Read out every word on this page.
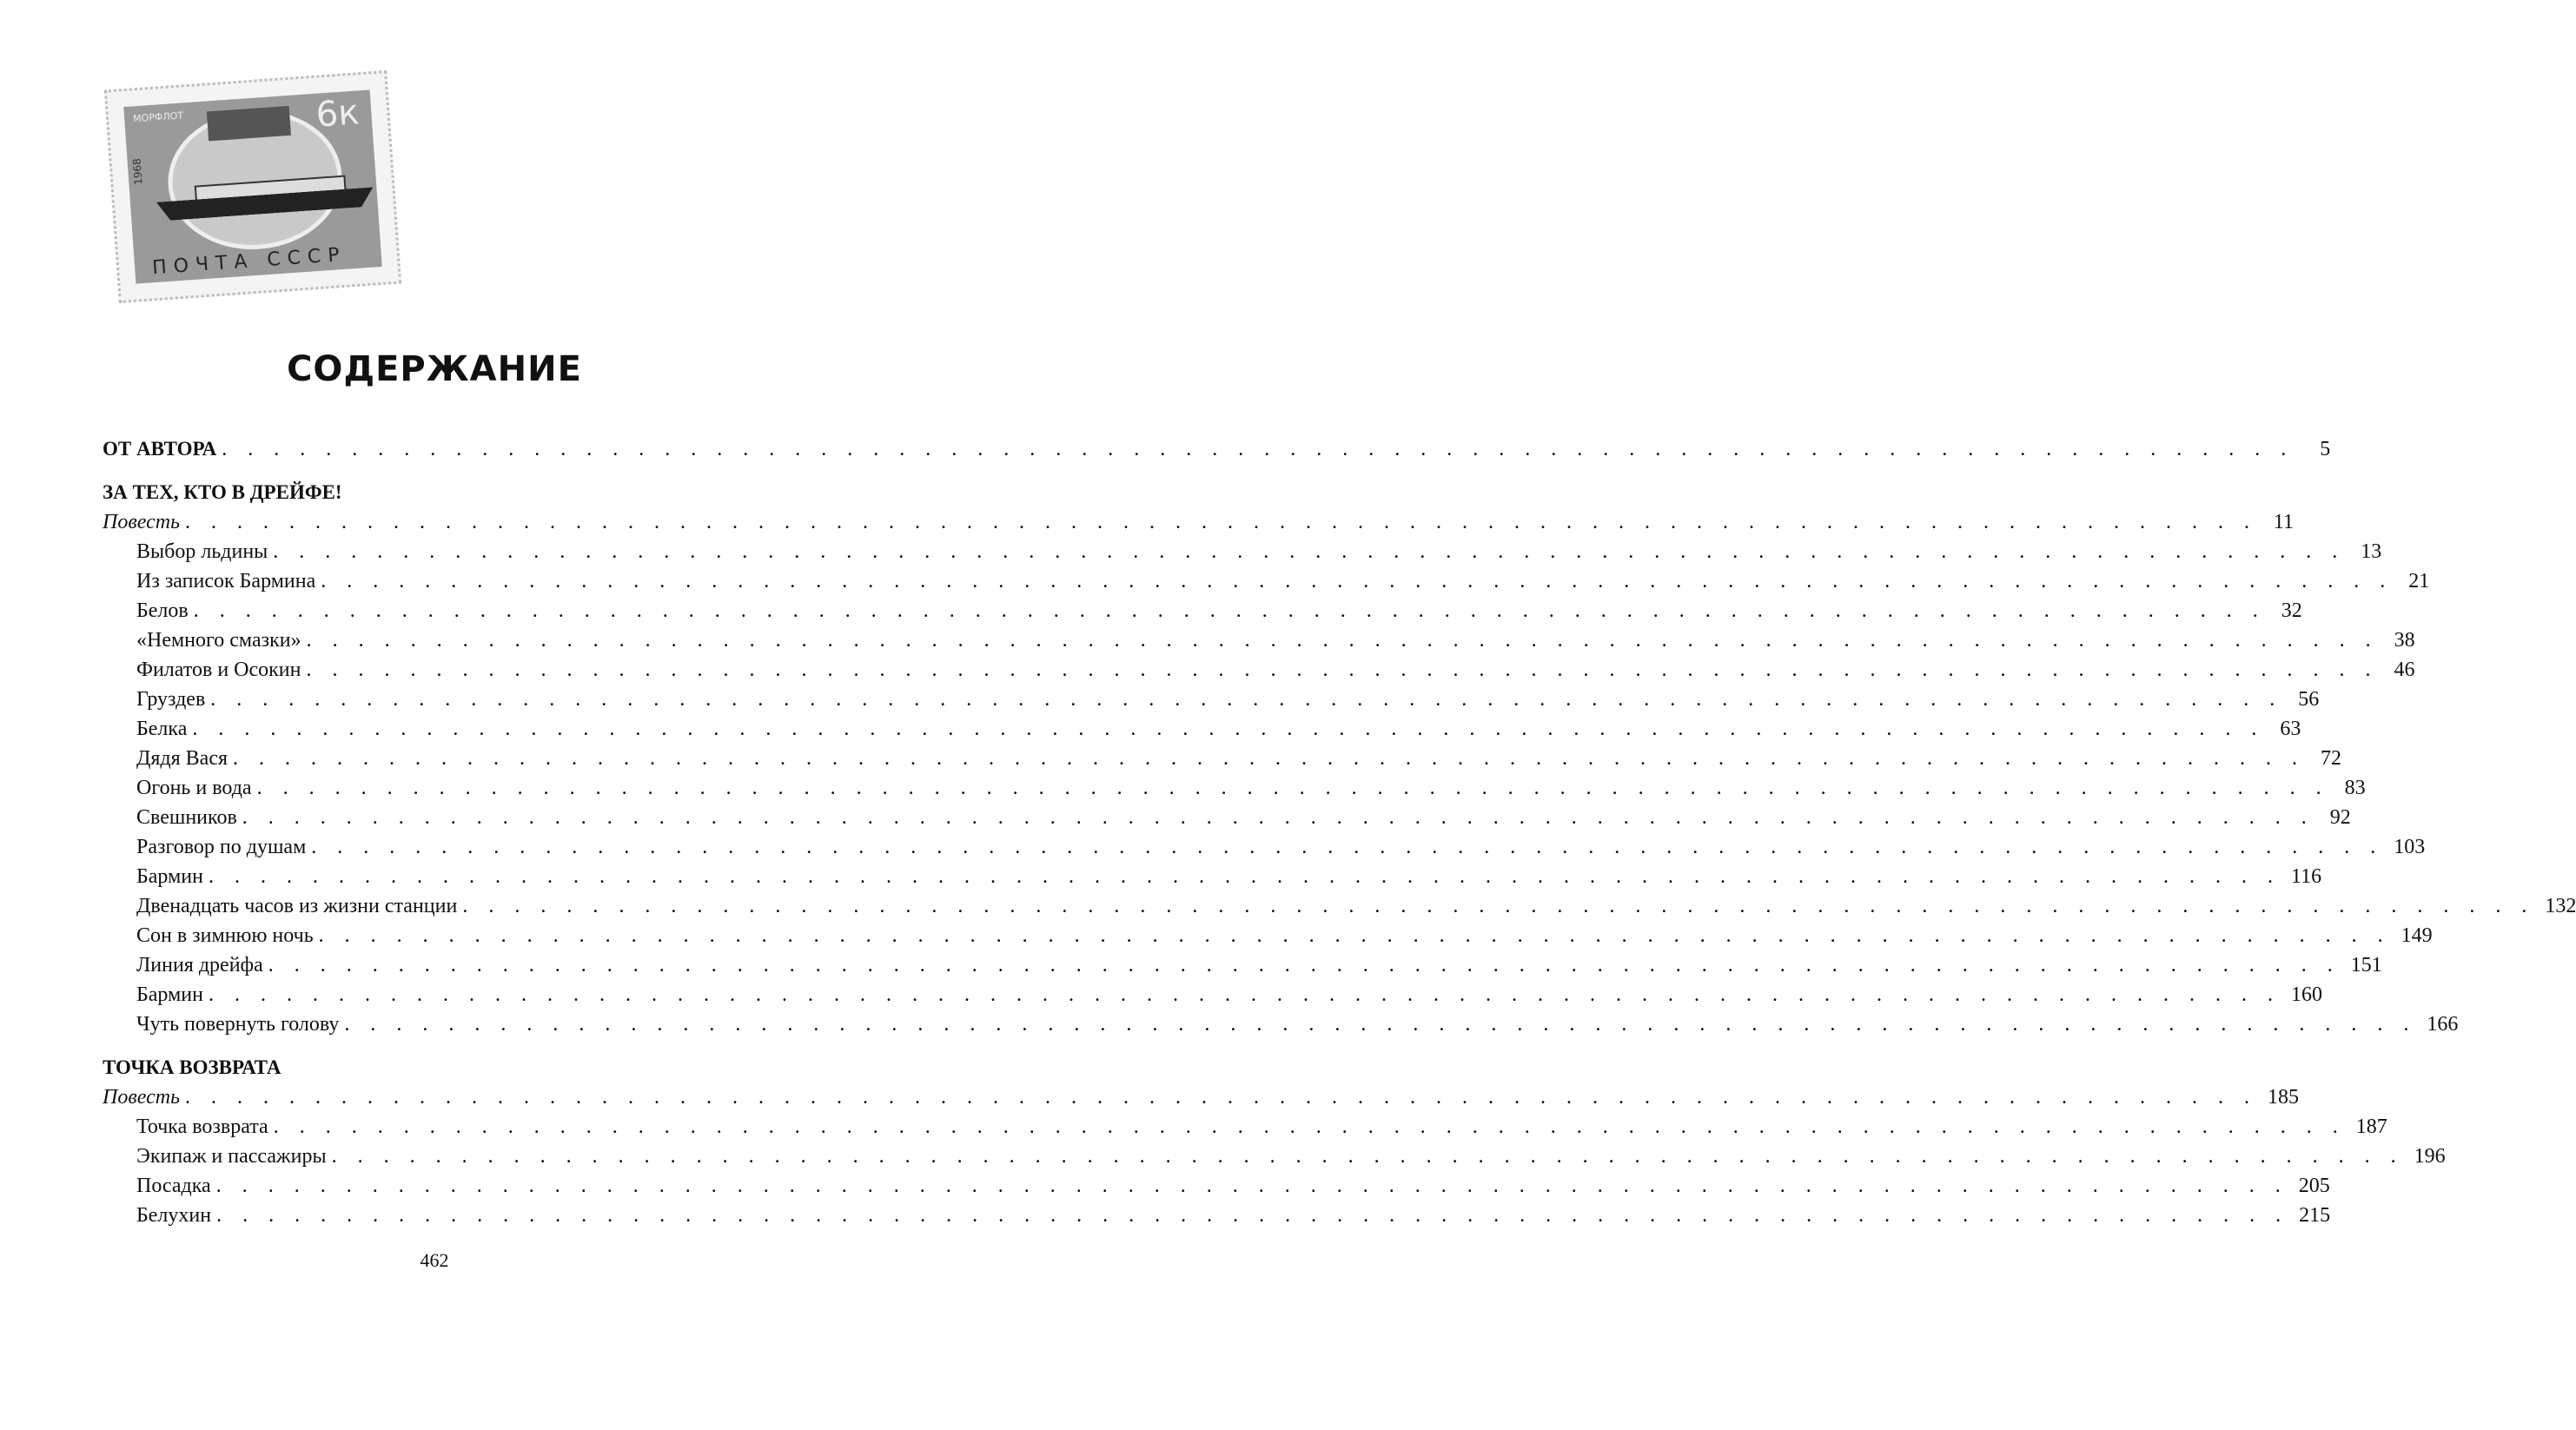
МОРФЛОТ
1968
6к
ПОЧТА СССР
СОДЕРЖАНИЕ
ОТ АВТОРА . . . . . . . . . . . . . . . . . . . . . . . . . . . . . . . . . . . . . . . . . . . . . . . . . . . . . . . . . . . . . . . . . . . . . . . . . . . . . . . .	5
ЗА ТЕХ, КТО В ДРЕЙФЕ!
Повесть . . . . . . . . . . . . . . . . . . . . . . . . . . . . . . . . . . . . . . . . . . . . . . . . . . . . . . . . . . . . . . . . . . . . . . . . . . . . . . . . 11
Выбор льдины . . . . . . . . . . . . . . . . . . . . . . . . . . . . . . . . . . . . . . . . . . . . . . . . . . . . . . . . . . . . . . . . . . . . . . . . . . . . . . . . 13
Из записок Бармина . . . . . . . . . . . . . . . . . . . . . . . . . . . . . . . . . . . . . . . . . . . . . . . . . . . . . . . . . . . . . . . . . . . . . . . . . . . . . . . . 21
Белов . . . . . . . . . . . . . . . . . . . . . . . . . . . . . . . . . . . . . . . . . . . . . . . . . . . . . . . . . . . . . . . . . . . . . . . . . . . . . . . . 32
«Немного смазки» . . . . . . . . . . . . . . . . . . . . . . . . . . . . . . . . . . . . . . . . . . . . . . . . . . . . . . . . . . . . . . . . . . . . . . . . . . . . . . . . 38
Филатов и Осокин . . . . . . . . . . . . . . . . . . . . . . . . . . . . . . . . . . . . . . . . . . . . . . . . . . . . . . . . . . . . . . . . . . . . . . . . . . . . . . . . 46
Груздев . . . . . . . . . . . . . . . . . . . . . . . . . . . . . . . . . . . . . . . . . . . . . . . . . . . . . . . . . . . . . . . . . . . . . . . . . . . . . . . . 56
Белка . . . . . . . . . . . . . . . . . . . . . . . . . . . . . . . . . . . . . . . . . . . . . . . . . . . . . . . . . . . . . . . . . . . . . . . . . . . . . . . . 63
Дядя Вася . . . . . . . . . . . . . . . . . . . . . . . . . . . . . . . . . . . . . . . . . . . . . . . . . . . . . . . . . . . . . . . . . . . . . . . . . . . . . . . . 72
Огонь и вода . . . . . . . . . . . . . . . . . . . . . . . . . . . . . . . . . . . . . . . . . . . . . . . . . . . . . . . . . . . . . . . . . . . . . . . . . . . . . . . . 83
Свешников . . . . . . . . . . . . . . . . . . . . . . . . . . . . . . . . . . . . . . . . . . . . . . . . . . . . . . . . . . . . . . . . . . . . . . . . . . . . . . . . 92
Разговор по душам . . . . . . . . . . . . . . . . . . . . . . . . . . . . . . . . . . . . . . . . . . . . . . . . . . . . . . . . . . . . . . . . . . . . . . . . . . . . . . . . 103
Бармин . . . . . . . . . . . . . . . . . . . . . . . . . . . . . . . . . . . . . . . . . . . . . . . . . . . . . . . . . . . . . . . . . . . . . . . . . . . . . . . . 116
Двенадцать часов из жизни станции . . . . . . . . . . . . . . . . . . . . . . . . . . . . . . . . . . . . . . . . . . . . . . . . . . . . . . . . . . . . . . . . . . . . . . . . . . . . . . . . 132
Сон в зимнюю ночь . . . . . . . . . . . . . . . . . . . . . . . . . . . . . . . . . . . . . . . . . . . . . . . . . . . . . . . . . . . . . . . . . . . . . . . . . . . . . . . . 149
Линия дрейфа . . . . . . . . . . . . . . . . . . . . . . . . . . . . . . . . . . . . . . . . . . . . . . . . . . . . . . . . . . . . . . . . . . . . . . . . . . . . . . . . 151
Бармин . . . . . . . . . . . . . . . . . . . . . . . . . . . . . . . . . . . . . . . . . . . . . . . . . . . . . . . . . . . . . . . . . . . . . . . . . . . . . . . . 160
Чуть повернуть голову . . . . . . . . . . . . . . . . . . . . . . . . . . . . . . . . . . . . . . . . . . . . . . . . . . . . . . . . . . . . . . . . . . . . . . . . . . . . . . . . 166
ТОЧКА ВОЗВРАТА
Повесть . . . . . . . . . . . . . . . . . . . . . . . . . . . . . . . . . . . . . . . . . . . . . . . . . . . . . . . . . . . . . . . . . . . . . . . . . . . . . . . . 185
Точка возврата . . . . . . . . . . . . . . . . . . . . . . . . . . . . . . . . . . . . . . . . . . . . . . . . . . . . . . . . . . . . . . . . . . . . . . . . . . . . . . . . 187
Экипаж и пассажиры . . . . . . . . . . . . . . . . . . . . . . . . . . . . . . . . . . . . . . . . . . . . . . . . . . . . . . . . . . . . . . . . . . . . . . . . . . . . . . . . 196
Посадка . . . . . . . . . . . . . . . . . . . . . . . . . . . . . . . . . . . . . . . . . . . . . . . . . . . . . . . . . . . . . . . . . . . . . . . . . . . . . . . . 205
Белухин . . . . . . . . . . . . . . . . . . . . . . . . . . . . . . . . . . . . . . . . . . . . . . . . . . . . . . . . . . . . . . . . . . . . . . . . . . . . . . . . 215
462
